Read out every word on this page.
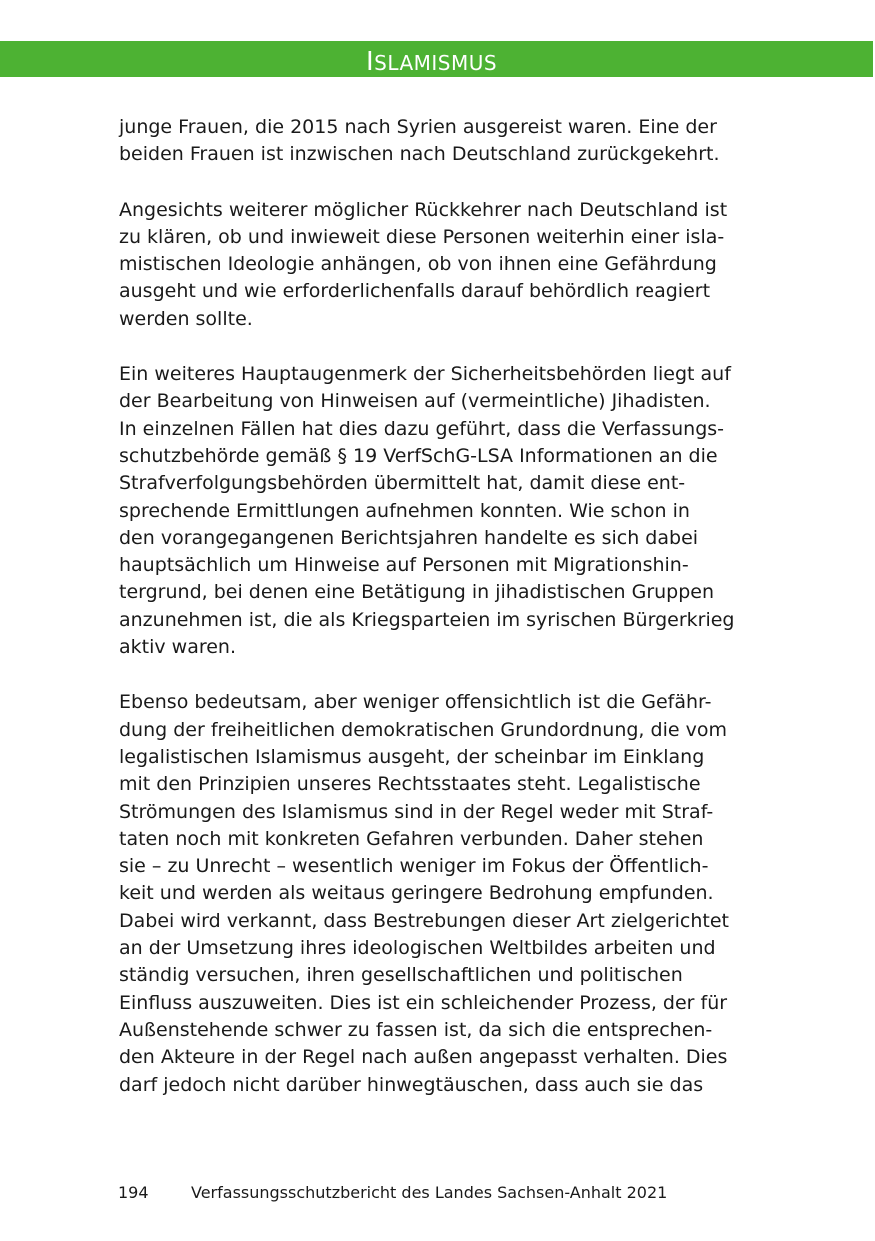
ISLAMISMUS
junge Frauen, die 2015 nach Syrien ausgereist waren. Eine der
beiden Frauen ist inzwischen nach Deutschland zurückgekehrt.
Angesichts weiterer möglicher Rückkehrer nach Deutschland ist
zu klären, ob und inwieweit diese Personen weiterhin einer isla-
mistischen Ideologie anhängen, ob von ihnen eine Gefährdung
ausgeht und wie erforderlichenfalls darauf behördlich reagiert
werden sollte.
Ein weiteres Hauptaugenmerk der Sicherheitsbehörden liegt auf
der Bearbeitung von Hinweisen auf (vermeintliche) Jihadisten.
In einzelnen Fällen hat dies dazu geführt, dass die Verfassungs-
schutzbehörde gemäß § 19 VerfSchG-LSA Informationen an die
Strafverfolgungsbehörden übermittelt hat, damit diese ent-
sprechende Ermittlungen aufnehmen konnten. Wie schon in
den vorangegangenen Berichtsjahren handelte es sich dabei
hauptsächlich um Hinweise auf Personen mit Migrationshin-
tergrund, bei denen eine Betätigung in jihadistischen Gruppen
anzunehmen ist, die als Kriegsparteien im syrischen Bürgerkrieg
aktiv waren.
Ebenso bedeutsam, aber weniger offensichtlich ist die Gefähr-
dung der freiheitlichen demokratischen Grundordnung, die vom
legalistischen Islamismus ausgeht, der scheinbar im Einklang
mit den Prinzipien unseres Rechtsstaates steht. Legalistische
Strömungen des Islamismus sind in der Regel weder mit Straf-
taten noch mit konkreten Gefahren verbunden. Daher stehen
sie – zu Unrecht – wesentlich weniger im Fokus der Öffentlich-
keit und werden als weitaus geringere Bedrohung empfunden.
Dabei wird verkannt, dass Bestrebungen dieser Art zielgerichtet
an der Umsetzung ihres ideologischen Weltbildes arbeiten und
ständig versuchen, ihren gesellschaftlichen und politischen
Einfluss auszuweiten. Dies ist ein schleichender Prozess, der für
Außenstehende schwer zu fassen ist, da sich die entsprechen-
den Akteure in der Regel nach außen angepasst verhalten. Dies
darf jedoch nicht darüber hinwegtäuschen, dass auch sie das
194	Verfassungsschutzbericht des Landes Sachsen-Anhalt 2021
